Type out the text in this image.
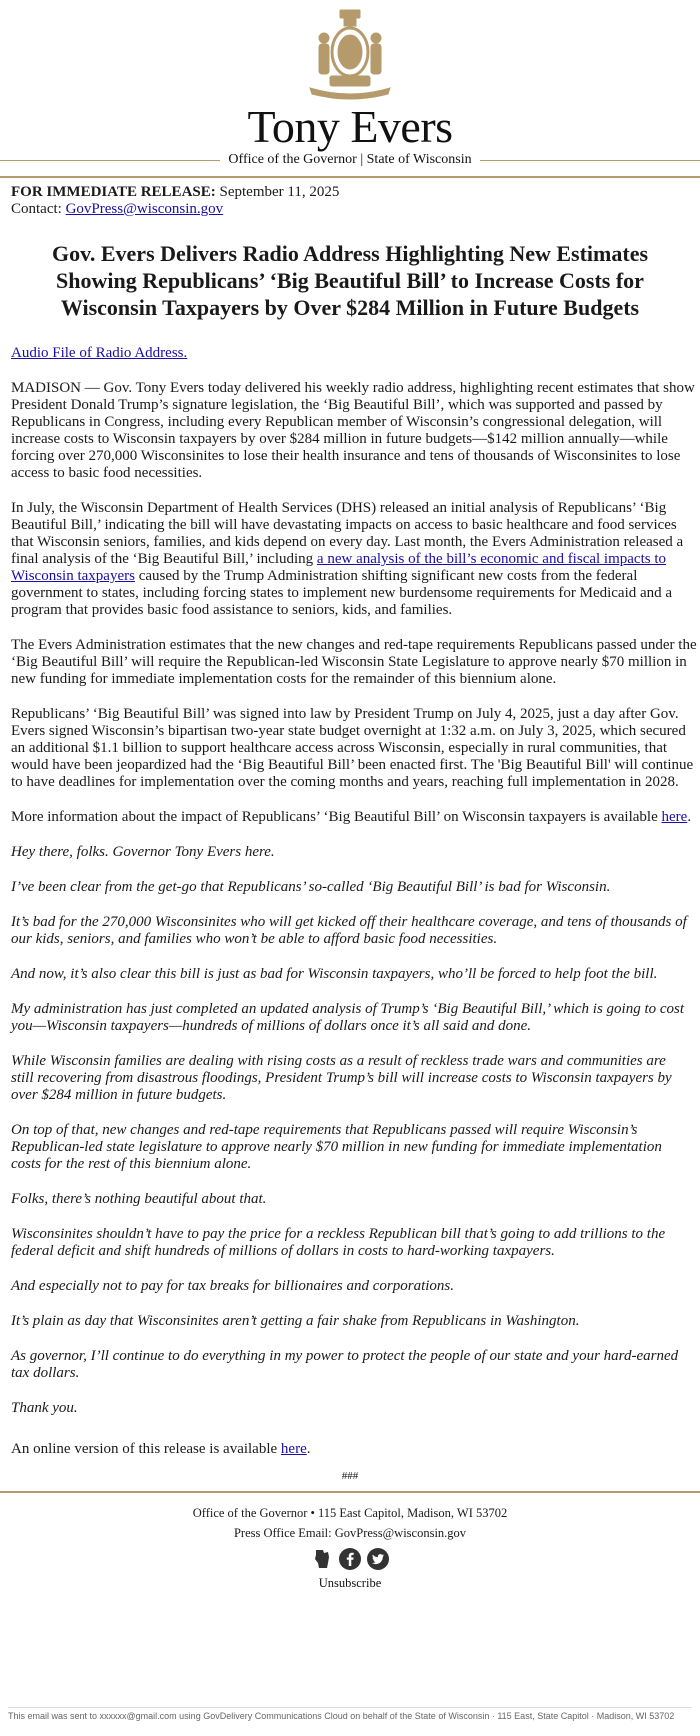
Tony Evers
Office of the Governor | State of Wisconsin
FOR IMMEDIATE RELEASE: September 11, 2025
Contact: GovPress@wisconsin.gov
Gov. Evers Delivers Radio Address Highlighting New Estimates Showing Republicans’ ‘Big Beautiful Bill’ to Increase Costs for Wisconsin Taxpayers by Over $284 Million in Future Budgets

Audio File of Radio Address.

MADISON — Gov. Tony Evers today delivered his weekly radio address, highlighting recent estimates that show President Donald Trump’s signature legislation, the ‘Big Beautiful Bill’, which was supported and passed by Republicans in Congress, including every Republican member of Wisconsin’s congressional delegation, will increase costs to Wisconsin taxpayers by over $284 million in future budgets—$142 million annually—while forcing over 270,000 Wisconsinites to lose their health insurance and tens of thousands of Wisconsinites to lose access to basic food necessities.

In July, the Wisconsin Department of Health Services (DHS) released an initial analysis of Republicans’ ‘Big Beautiful Bill,’ indicating the bill will have devastating impacts on access to basic healthcare and food services that Wisconsin seniors, families, and kids depend on every day. Last month, the Evers Administration released a final analysis of the ‘Big Beautiful Bill,’ including a new analysis of the bill’s economic and fiscal impacts to Wisconsin taxpayers caused by the Trump Administration shifting significant new costs from the federal government to states, including forcing states to implement new burdensome requirements for Medicaid and a program that provides basic food assistance to seniors, kids, and families.

The Evers Administration estimates that the new changes and red-tape requirements Republicans passed under the ‘Big Beautiful Bill’ will require the Republican-led Wisconsin State Legislature to approve nearly $70 million in new funding for immediate implementation costs for the remainder of this biennium alone.

Republicans’ ‘Big Beautiful Bill’ was signed into law by President Trump on July 4, 2025, just a day after Gov. Evers signed Wisconsin’s bipartisan two-year state budget overnight at 1:32 a.m. on July 3, 2025, which secured an additional $1.1 billion to support healthcare access across Wisconsin, especially in rural communities, that would have been jeopardized had the ‘Big Beautiful Bill’ been enacted first. The 'Big Beautiful Bill' will continue to have deadlines for implementation over the coming months and years, reaching full implementation in 2028.

More information about the impact of Republicans’ ‘Big Beautiful Bill’ on Wisconsin taxpayers is available here.

Hey there, folks. Governor Tony Evers here.

I’ve been clear from the get-go that Republicans’ so-called ‘Big Beautiful Bill’ is bad for Wisconsin.

It’s bad for the 270,000 Wisconsinites who will get kicked off their healthcare coverage, and tens of thousands of our kids, seniors, and families who won’t be able to afford basic food necessities.

And now, it’s also clear this bill is just as bad for Wisconsin taxpayers, who’ll be forced to help foot the bill.

My administration has just completed an updated analysis of Trump’s ‘Big Beautiful Bill,’ which is going to cost you—Wisconsin taxpayers—hundreds of millions of dollars once it’s all said and done.

While Wisconsin families are dealing with rising costs as a result of reckless trade wars and communities are still recovering from disastrous floodings, President Trump’s bill will increase costs to Wisconsin taxpayers by over $284 million in future budgets.

On top of that, new changes and red-tape requirements that Republicans passed will require Wisconsin’s Republican-led state legislature to approve nearly $70 million in new funding for immediate implementation costs for the rest of this biennium alone.

Folks, there’s nothing beautiful about that.

Wisconsinites shouldn’t have to pay the price for a reckless Republican bill that’s going to add trillions to the federal deficit and shift hundreds of millions of dollars in costs to hard-working taxpayers.

And especially not to pay for tax breaks for billionaires and corporations.

It’s plain as day that Wisconsinites aren’t getting a fair shake from Republicans in Washington.

As governor, I’ll continue to do everything in my power to protect the people of our state and your hard-earned tax dollars.

Thank you.

An online version of this release is available here.

###
Office of the Governor • 115 East Capitol, Madison, WI 53702
Press Office Email: GovPress@wisconsin.gov
Unsubscribe
This email was sent to xxxxxx@gmail.com using GovDelivery Communications Cloud on behalf of the State of Wisconsin · 115 East, State Capitol · Madison, WI 53702
